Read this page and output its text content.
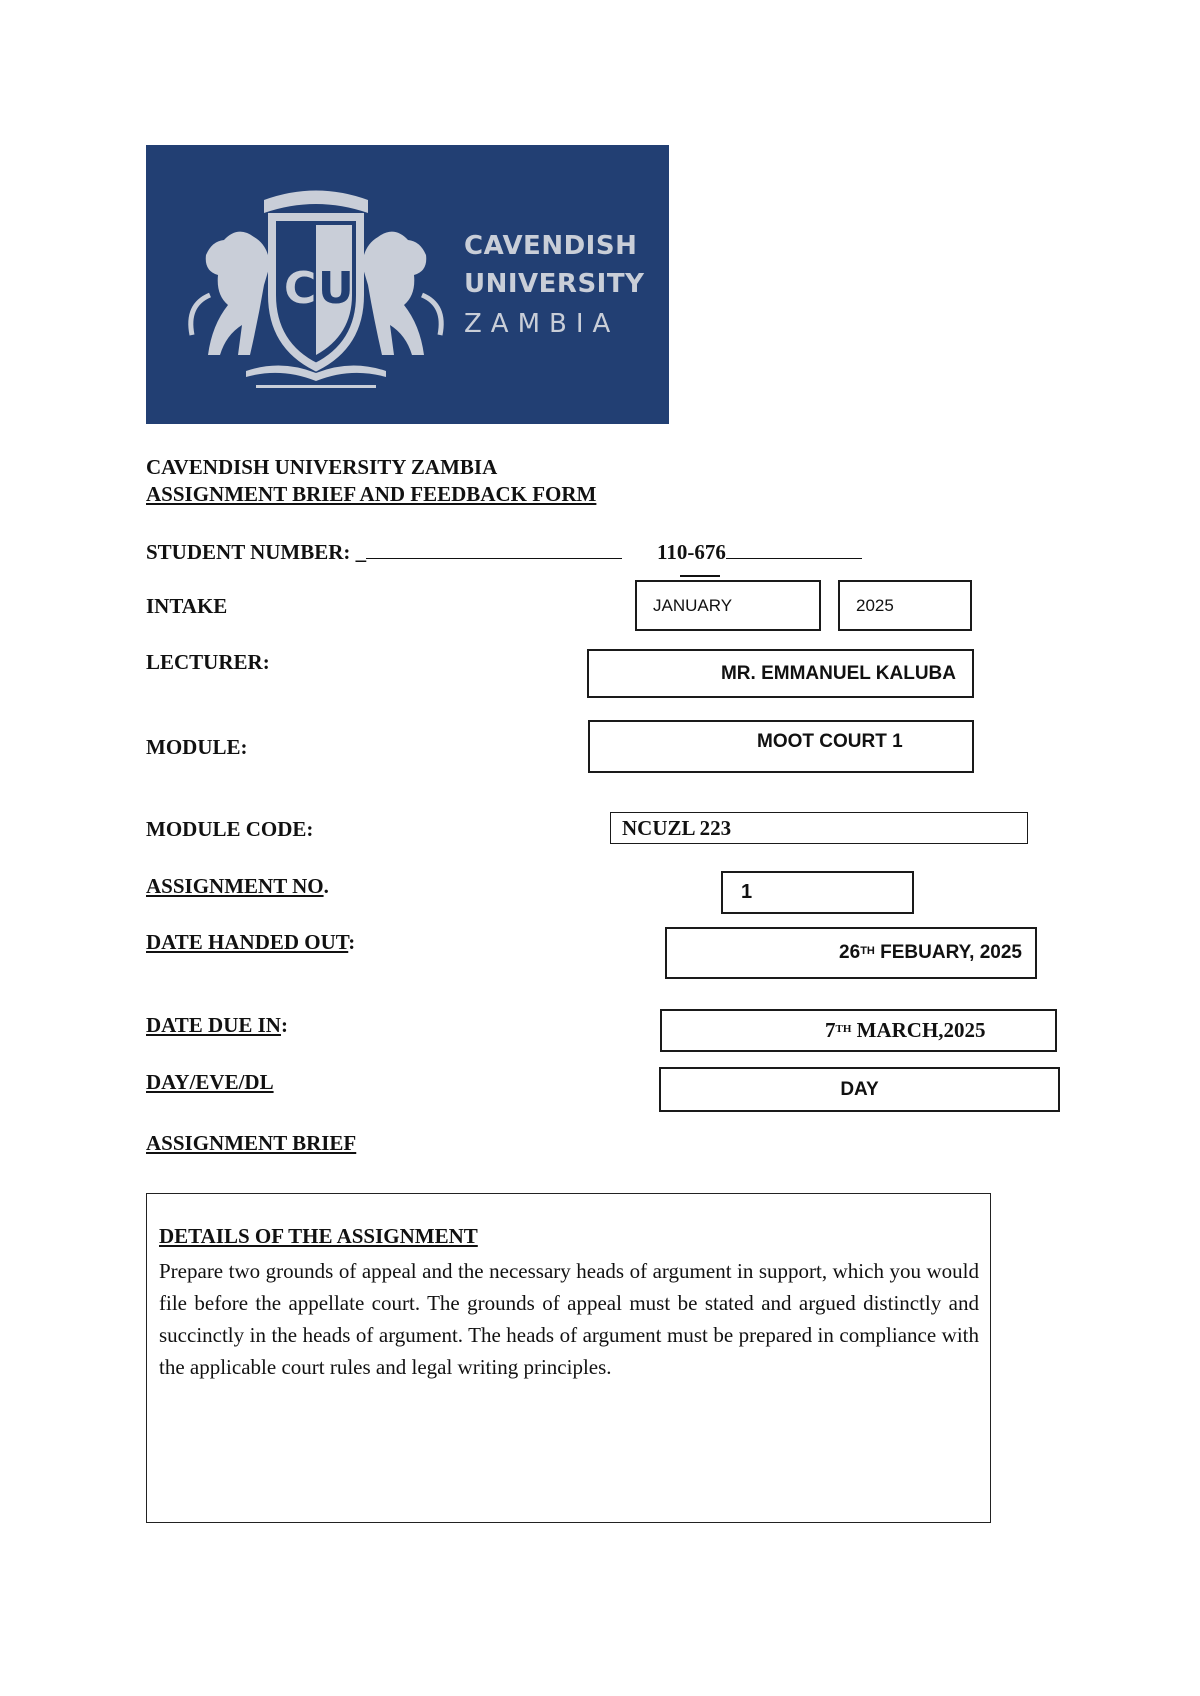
C U
CAVENDISH
UNIVERSITY
ZAMBIA
CAVENDISH UNIVERSITY ZAMBIA
ASSIGNMENT BRIEF AND FEEDBACK FORM
STUDENT NUMBER: _	110-676
INTAKE	JANUARY	2025
LECTURER:	MR. EMMANUEL KALUBA
MODULE:	MOOT COURT 1
MODULE CODE:	NCUZL 223
ASSIGNMENT NO.	1
DATE HANDED OUT:	26TH FEBUARY, 2025
DATE DUE IN:	7TH MARCH,2025
DAY/EVE/DL	DAY
ASSIGNMENT BRIEF
DETAILS OF THE ASSIGNMENT
Prepare two grounds of appeal and the necessary heads of argument in support, which you would file before the appellate court. The grounds of appeal must be stated and argued distinctly and succinctly in the heads of argument. The heads of argument must be prepared in compliance with the applicable court rules and legal writing principles.
